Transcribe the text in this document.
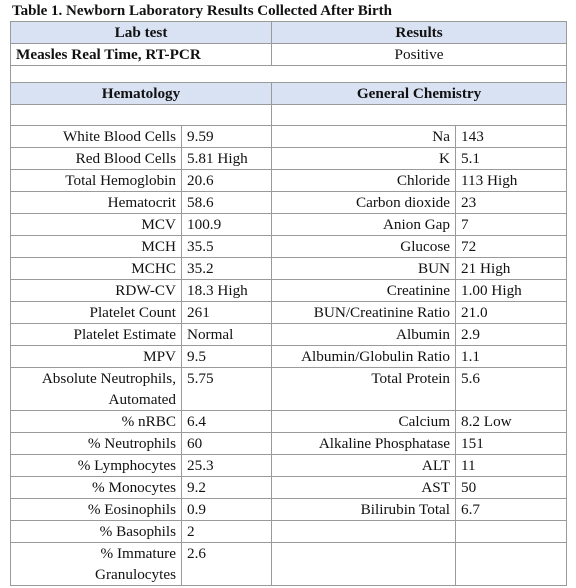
Table 1. Newborn Laboratory Results Collected After Birth
Lab test		Results	
Measles Real Time, RT-PCR		Positive	

Hematology		General Chemistry	

White Blood Cells	9.59	Na	143
Red Blood Cells	5.81 High	K	5.1
Total Hemoglobin	20.6	Chloride	113 High
Hematocrit	58.6	Carbon dioxide	23
MCV	100.9	Anion Gap	7
MCH	35.5	Glucose	72
MCHC	35.2	BUN	21 High
RDW-CV	18.3 High	Creatinine	1.00 High
Platelet Count	261	BUN/Creatinine Ratio	21.0
Platelet Estimate	Normal	Albumin	2.9
MPV	9.5	Albumin/Globulin Ratio	1.1
Absolute Neutrophils, Automated	5.75	Total Protein	5.6
% nRBC	6.4	Calcium	8.2 Low
% Neutrophils	60	Alkaline Phosphatase	151
% Lymphocytes	25.3	ALT	11
% Monocytes	9.2	AST	50
% Eosinophils	0.9	Bilirubin Total	6.7
% Basophils	2		
% Immature Granulocytes	2.6		
